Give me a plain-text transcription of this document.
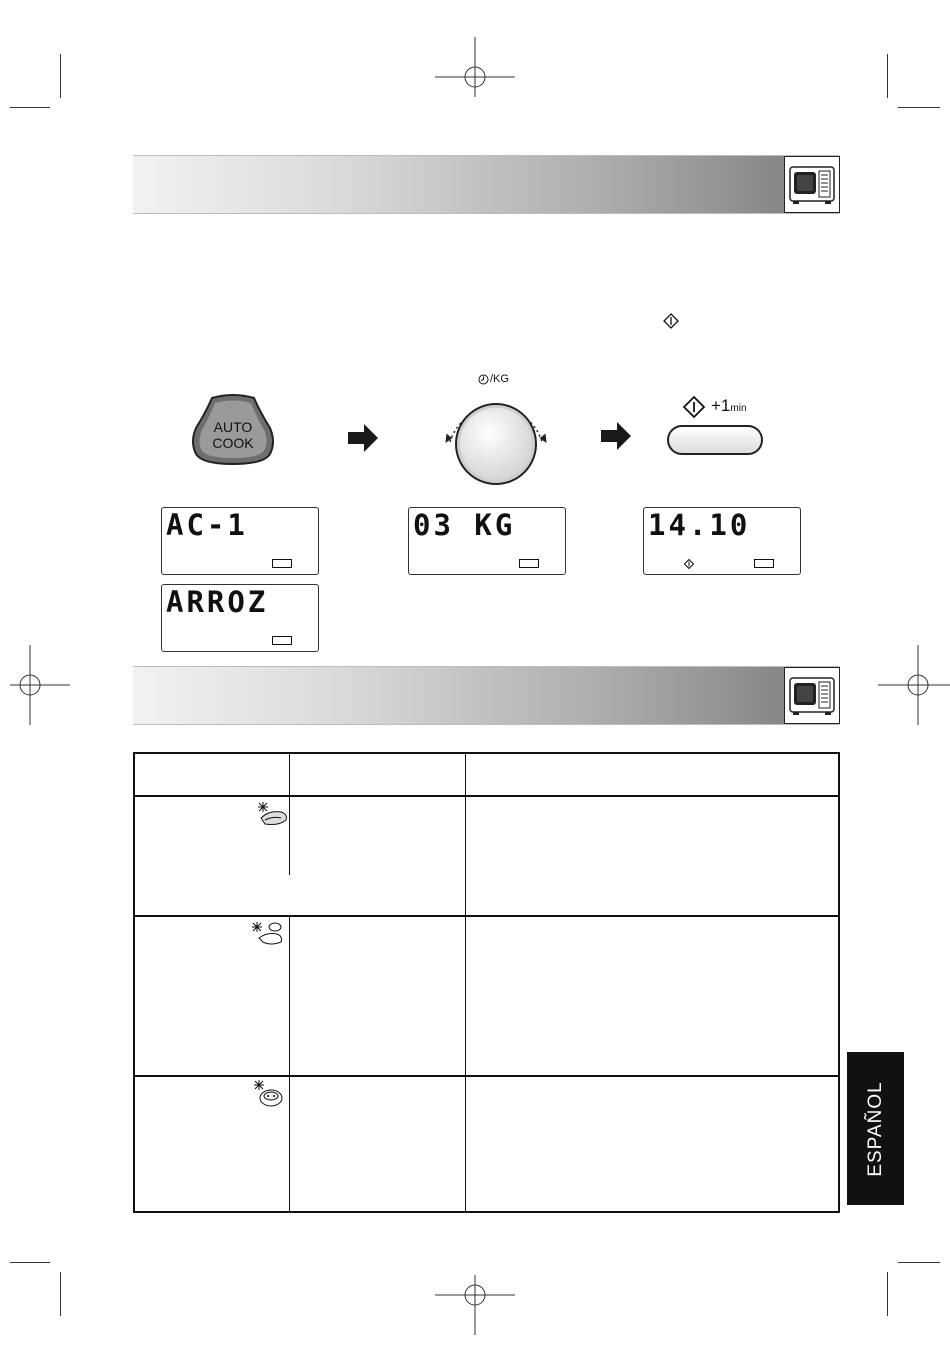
AUTO
COOK
/KG
+1min
AC-1
ARROZ
03 KG	14.10
ESPAÑOL
